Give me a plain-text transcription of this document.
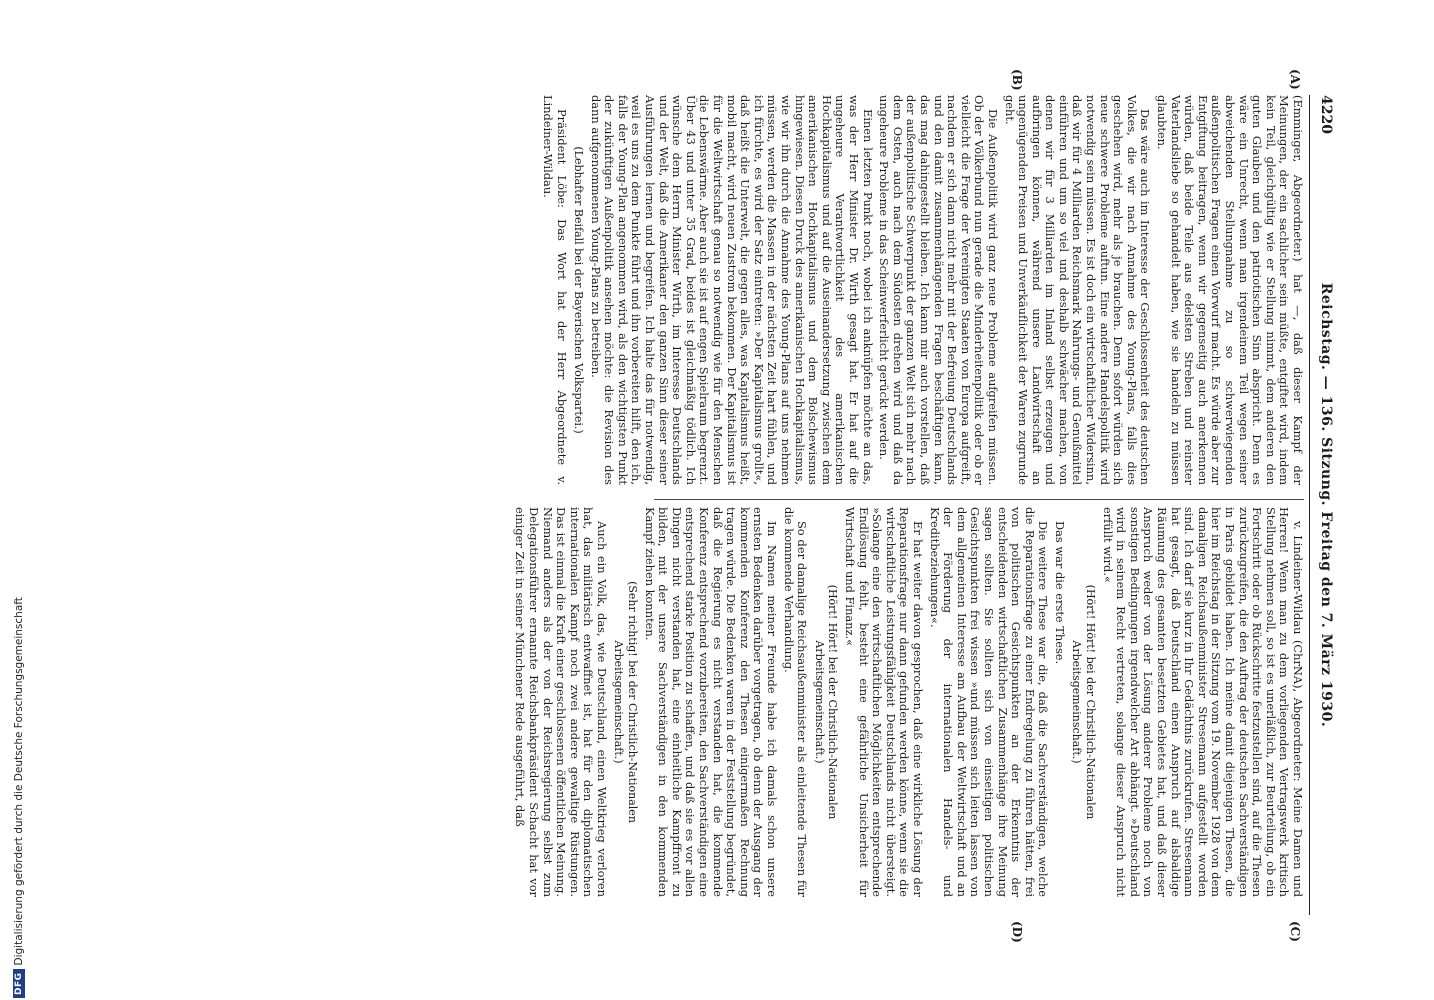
4220
Reichstag. — 136. Sitzung. Freitag den 7. März 1930.
(A)
(B)
(C)
(D)

(Emminger, Abgeordneter.) hat —, daß dieser Kampf der Meinungen, der ein sachlicher sein müßte, entgiftet wird, indem kein Teil, gleichgültig wie er Stellung nimmt, dem anderen den guten Glauben und den patriotischen Sinn abspricht. Denn es wäre ein Unrecht, wenn man irgendeinem Teil wegen seiner abweichenden Stellungnahme zu so schwerwiegenden außenpolitischen Fragen einen Vorwurf macht. Es würde aber zur Entgiftung beitragen, wenn wir gegenseitig auch anerkennen würden, daß beide Teile aus edelsten Streben und reinster Vaterlandsliebe so gehandelt haben, wie sie handeln zu müssen glaubten.

Das wäre auch im Interesse der Geschlossenheit des deutschen Volkes, die wir nach Annahme des Young-Plans, falls dies geschehen wird, mehr als je brauchen. Denn sofort würden sich neue schwere Probleme auftun. Eine andere Handelspolitik wird notwendig sein müssen. Es ist doch ein wirtschaftlicher Widersinn, daß wir für 4 Milliarden Reichsmark Nahrungs- und Genußmittel einführen und um so viel und deshalb schwächer machen, von denen wir für 3 Milliarden im Inland selbst erzeugen und aufbringen können, während unsere Landwirtschaft an ungenügenden Preisen und Unverkäuflichkeit der Waren zugrunde geht.

Die Außenpolitik wird ganz neue Probleme aufgreifen müssen. Ob der Völkerbund nun gerade die Minderheitenpolitik oder ob er vielleicht die Frage der Vereinigten Staaten von Europa aufgreift, nachdem er sich dann nicht mehr mit der Befreiung Deutschlands und den damit zusammenhängenden Fragen beschäftigen kann, das mag dahingestellt bleiben. Ich kann mir auch vorstellen, daß der außenpolitische Schwerpunkt der ganzen Welt sich mehr nach dem Osten, auch nach dem Südosten drehen wird und daß da ungeheure Probleme in das Scheinwerferlicht gerückt werden.

Einen letzten Punkt noch, wobei ich anknüpfen möchte an das, was der Herr Minister Dr. Wirth gesagt hat. Er hat auf die ungeheure Verantwortlichkeit des amerikanischen Hochkapitalismus und auf die Auseinandersetzung zwischen dem amerikanischen Hochkapitalismus und dem Bolschewismus hingewiesen. Diesen Druck des amerikanischen Hochkapitalismus, wie wir ihn durch die Annahme des Young-Plans auf uns nehmen müssen, werden die Massen in der nächsten Zeit hart fühlen, und ich fürchte, es wird der Satz eintreten: »Der Kapitalismus grollt«, daß heißt die Unterwelt, die gegen alles, was Kapitalismus heißt, mobil macht, wird neuen Zustrom bekommen. Der Kapitalismus ist für die Weltwirtschaft genau so notwendig wie für den Menschen die Lebenswärme. Aber auch sie ist auf engen Spielraum begrenzt. Über 43 und unter 35 Grad, beides ist gleichmäßig tödlich. Ich wünsche dem Herrn Minister Wirth, im Interesse Deutschlands und der Welt, daß die Amerikaner den ganzen Sinn dieser seiner Ausführungen lernen und begreifen. Ich halte das für notwendig, weil es uns zu dem Punkte führt und ihn vorbereiten hilft, den ich, falls der Young-Plan angenommen wird, als den wichtigsten Punkt der zukünftigen Außenpolitik ansehen möchte: die Revision des dann aufgenommenen Young-Plans zu betreiben.

(Lebhafter Beifall bei der Bayerischen Volkspartei.)

Präsident Löbe: Das Wort hat der Herr Abgeordnete v. Lindeiner-Wildau.

v. Lindeiner-Wildau (ChrNA), Abgeordneter: Meine Damen und Herren! Wenn man zu dem vorliegenden Vertragswerk kritisch Stellung nehmen soll, so ist es unerläßlich, zur Beurteilung, ob ein Fortschritt oder ob Rückschritte festzustellen sind, auf die Thesen zurückzugreifen, die den Auftrag der deutschen Sachverständigen in Paris gebildet haben. Ich meine damit diejenigen Thesen, die hier im Reichstag in der Sitzung vom 19. November 1928 von dem damaligen Reichsaußenminister Stresemann aufgestellt worden sind. Ich darf sie kurz in Ihr Gedächtnis zurückrufen. Stresemann hat gesagt, daß Deutschland einen Anspruch auf alsbaldige Räumung des gesamten besetzten Gebietes hat, und daß dieser Anspruch weder von der Lösung anderer Probleme noch von sonstigen Bedingungen irgendwelcher Art abhängt. »Deutschland wird in seinem Recht vertreten, solange dieser Anspruch nicht erfüllt wird.«

(Hört! Hört! bei der Christlich-Nationalen Arbeitsgemeinschaft.)

Das war die erste These.

Die weitere These war die, daß die Sachverständigen, welche die Reparationsfrage zu einer Endregelung zu führen hätten, frei von politischen Gesichtspunkten an der Erkenntnis der entscheidenden wirtschaftlichen Zusammenhänge ihre Meinung sagen sollten. Sie sollten sich von einseitigen politischen Gesichtspunkten frei wissen »und müssen sich leiten lassen von dem allgemeinen Interesse am Aufbau der Weltwirtschaft und an der Förderung der internationalen Handels- und Kreditbeziehungen«.

Er hat weiter davon gesprochen, daß eine wirkliche Lösung der Reparationsfrage nur dann gefunden werden könne, wenn sie die wirtschaftliche Leistungsfähigkeit Deutschlands nicht übersteigt. »Solange eine den wirtschaftlichen Möglichkeiten entsprechende Endlösung fehlt, besteht eine gefährliche Unsicherheit für Wirtschaft und Finanz.«

(Hört! Hört! bei der Christlich-Nationalen Arbeitsgemeinschaft.)

So der damalige Reichsaußenminister als einleitende Thesen für die kommende Verhandlung.

Im Namen meiner Freunde habe ich damals schon unsere ernsten Bedenken darüber vorgetragen, ob denn der Ausgang der kommenden Konferenz den Thesen einigermaßen Rechnung tragen würde. Die Bedenken waren in der Feststellung begründet, daß die Regierung es nicht verstanden hat, die kommende Konferenz entsprechend vorzubereiten, den Sachverständigen eine entsprechend starke Position zu schaffen, und daß sie es vor allen Dingen nicht verstanden hat, eine einheitliche Kampffront zu bilden, mit der unsere Sachverständigen in den kommenden Kampf ziehen konnten.

(Sehr richtig! bei der Christlich-Nationalen Arbeitsgemeinschaft.)

Auch ein Volk, das, wie Deutschland, einen Weltkrieg verloren hat, das militärisch entwaffnet ist, hat für den diplomatischen internationalen Kampf noch zwei andere gewaltige Rüstungen. Das ist einmal die Kraft einer geschlossenen öffentlichen Meinung. Niemand anders als der von der Reichsregierung selbst zum Delegationsführer ernannte Reichsbankpräsident Schacht hat vor einiger Zeit in seiner Münchener Rede ausgeführt, daß

DFG
Digitalisierung gefördert durch die Deutsche Forschungsgemeinschaft
